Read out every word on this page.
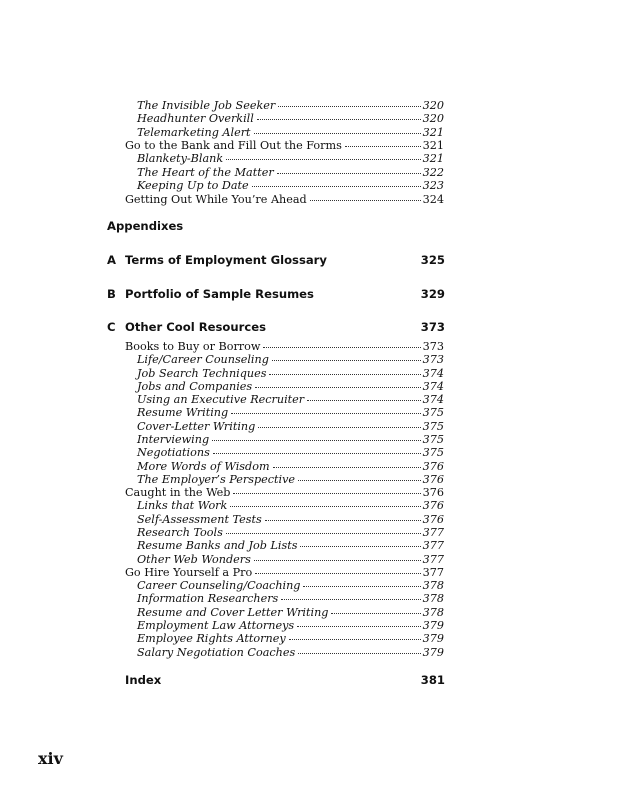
The Invisible Job Seeker	320
Headhunter Overkill	320
Telemarketing Alert	321
Go to the Bank and Fill Out the Forms	321
Blankety-Blank	321
The Heart of the Matter	322
Keeping Up to Date	323
Getting Out While You’re Ahead	324
Appendixes
A Terms of Employment Glossary	325
B Portfolio of Sample Resumes	329
C Other Cool Resources	373
Books to Buy or Borrow	373
Life/Career Counseling	373
Job Search Techniques	374
Jobs and Companies	374
Using an Executive Recruiter	374
Resume Writing	375
Cover-Letter Writing	375
Interviewing	375
Negotiations	375
More Words of Wisdom	376
The Employer’s Perspective	376
Caught in the Web	376
Links that Work	376
Self-Assessment Tests	376
Research Tools	377
Resume Banks and Job Lists	377
Other Web Wonders	377
Go Hire Yourself a Pro	377
Career Counseling/Coaching	378
Information Researchers	378
Resume and Cover Letter Writing	378
Employment Law Attorneys	379
Employee Rights Attorney	379
Salary Negotiation Coaches	379
Index	381
xiv
